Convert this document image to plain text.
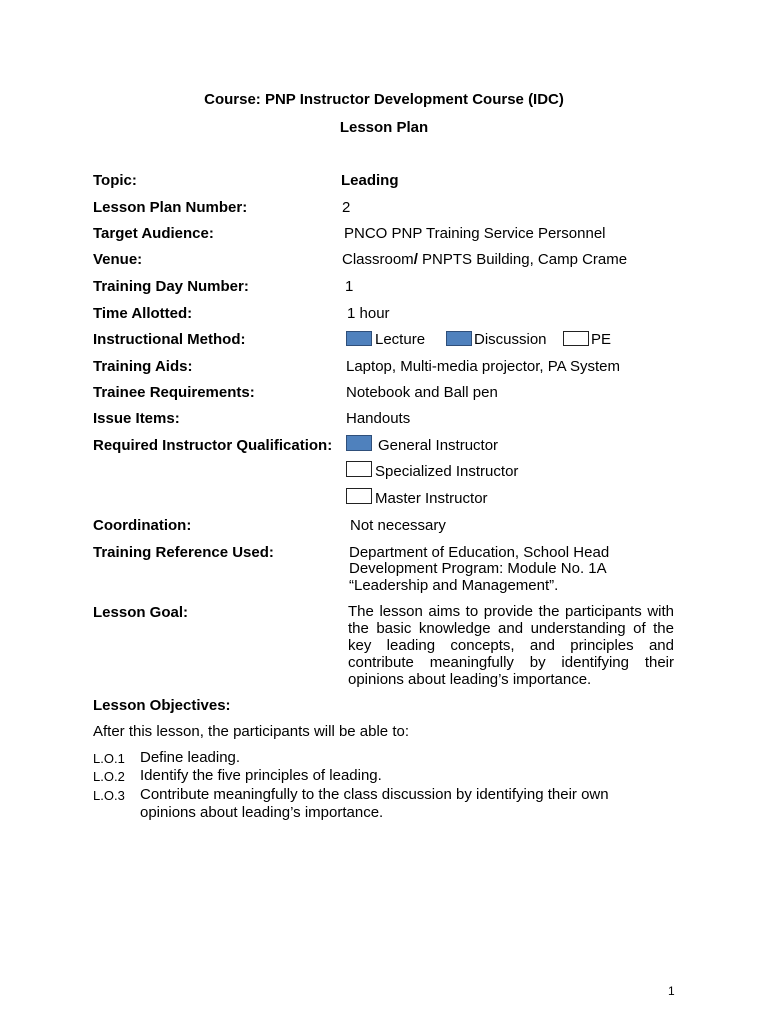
Course: PNP Instructor Development Course (IDC)
Lesson Plan
Topic:	Leading
Lesson Plan Number:	2
Target Audience:	PNCO PNP Training Service Personnel
Venue:	Classroom/ PNPTS Building, Camp Crame
Training Day Number:	1
Time Allotted:	1 hour
Instructional Method:	Lecture	Discussion	PE
Training Aids:	Laptop, Multi-media projector, PA System
Trainee Requirements:	Notebook and Ball pen
Issue Items:	Handouts
Required Instructor Qualification:	General Instructor
Specialized Instructor
Master Instructor
Coordination:	Not necessary
Training Reference Used:	Department of Education, School Head
Development Program: Module No. 1A
“Leadership and Management”.
Lesson Goal:	The lesson aims to provide the participants with the basic knowledge and understanding of the key leading concepts, and principles and contribute meaningfully by identifying their opinions about leading’s importance.
Lesson Objectives:
After this lesson, the participants will be able to:
L.O.1 Define leading.
L.O.2 Identify the five principles of leading.
L.O.3 Contribute meaningfully to the class discussion by identifying their own opinions about leading’s importance.
1
